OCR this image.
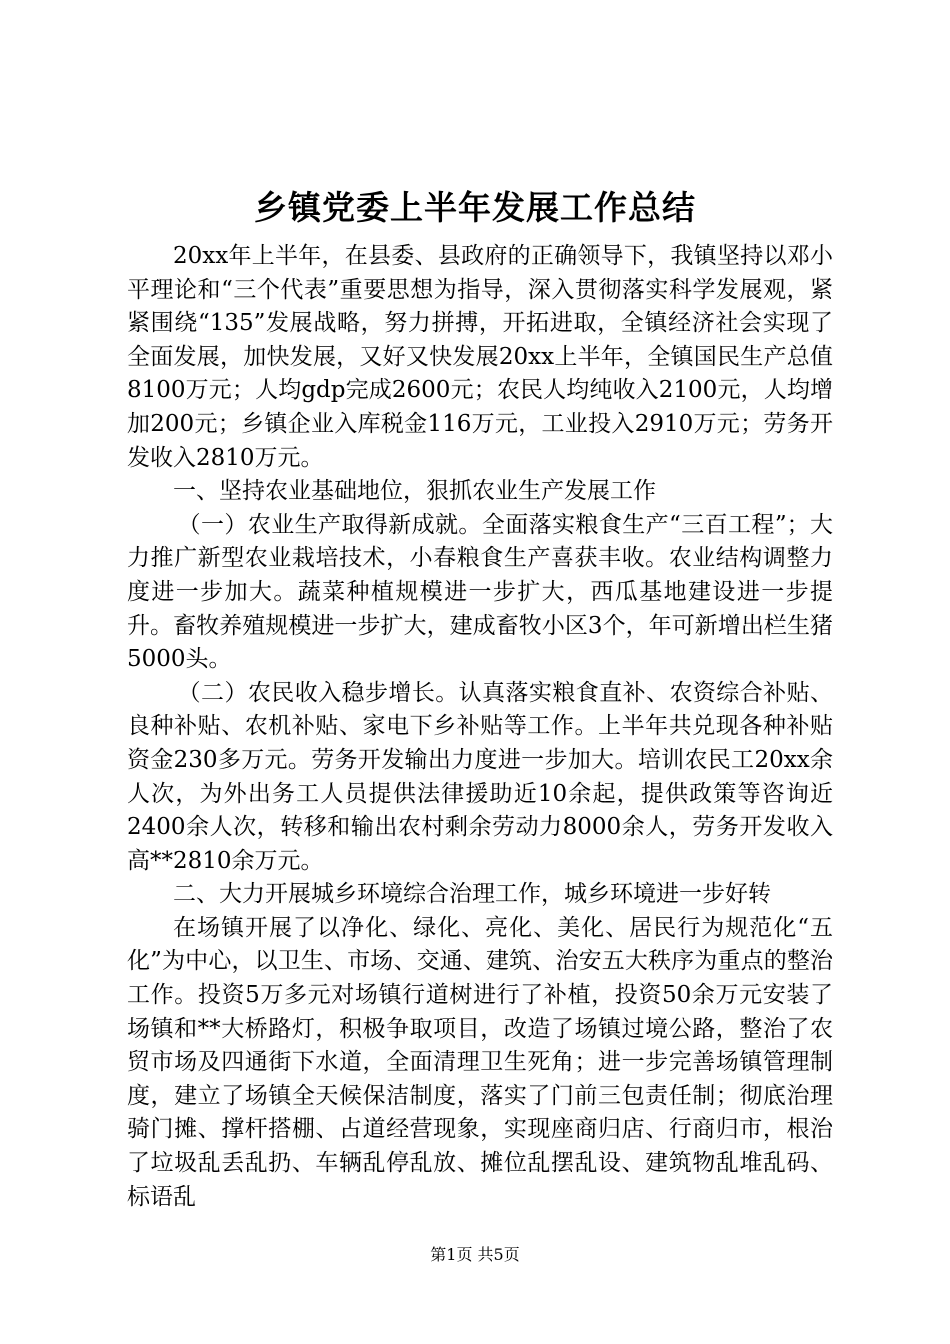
乡镇党委上半年发展工作总结

20xx年上半年，在县委、县政府的正确领导下，我镇坚持以邓小平理论和“三个代表”重要思想为指导，深入贯彻落实科学发展观，紧紧围绕“135”发展战略，努力拼搏，开拓进取，全镇经济社会实现了全面发展，加快发展，又好又快发展20xx上半年，全镇国民生产总值8100万元；人均gdp完成2600元；农民人均纯收入2100元，人均增加200元；乡镇企业入库税金116万元，工业投入2910万元；劳务开发收入2810万元。

一、坚持农业基础地位，狠抓农业生产发展工作

（一）农业生产取得新成就。全面落实粮食生产“三百工程”；大力推广新型农业栽培技术，小春粮食生产喜获丰收。农业结构调整力度进一步加大。蔬菜种植规模进一步扩大，西瓜基地建设进一步提升。畜牧养殖规模进一步扩大，建成畜牧小区3个，年可新增出栏生猪5000头。

（二）农民收入稳步增长。认真落实粮食直补、农资综合补贴、良种补贴、农机补贴、家电下乡补贴等工作。上半年共兑现各种补贴资金230多万元。劳务开发输出力度进一步加大。培训农民工20xx余人次，为外出务工人员提供法律援助近10余起，提供政策等咨询近2400余人次，转移和输出农村剩余劳动力8000余人，劳务开发收入高**2810余万元。

二、大力开展城乡环境综合治理工作，城乡环境进一步好转

在场镇开展了以净化、绿化、亮化、美化、居民行为规范化“五化”为中心，以卫生、市场、交通、建筑、治安五大秩序为重点的整治工作。投资5万多元对场镇行道树进行了补植，投资50余万元安装了场镇和**大桥路灯，积极争取项目，改造了场镇过境公路，整治了农贸市场及四通街下水道，全面清理卫生死角；进一步完善场镇管理制度，建立了场镇全天候保洁制度，落实了门前三包责任制；彻底治理骑门摊、撑杆搭棚、占道经营现象，实现座商归店、行商归市，根治了垃圾乱丢乱扔、车辆乱停乱放、摊位乱摆乱设、建筑物乱堆乱码、标语乱

第1页 共5页
